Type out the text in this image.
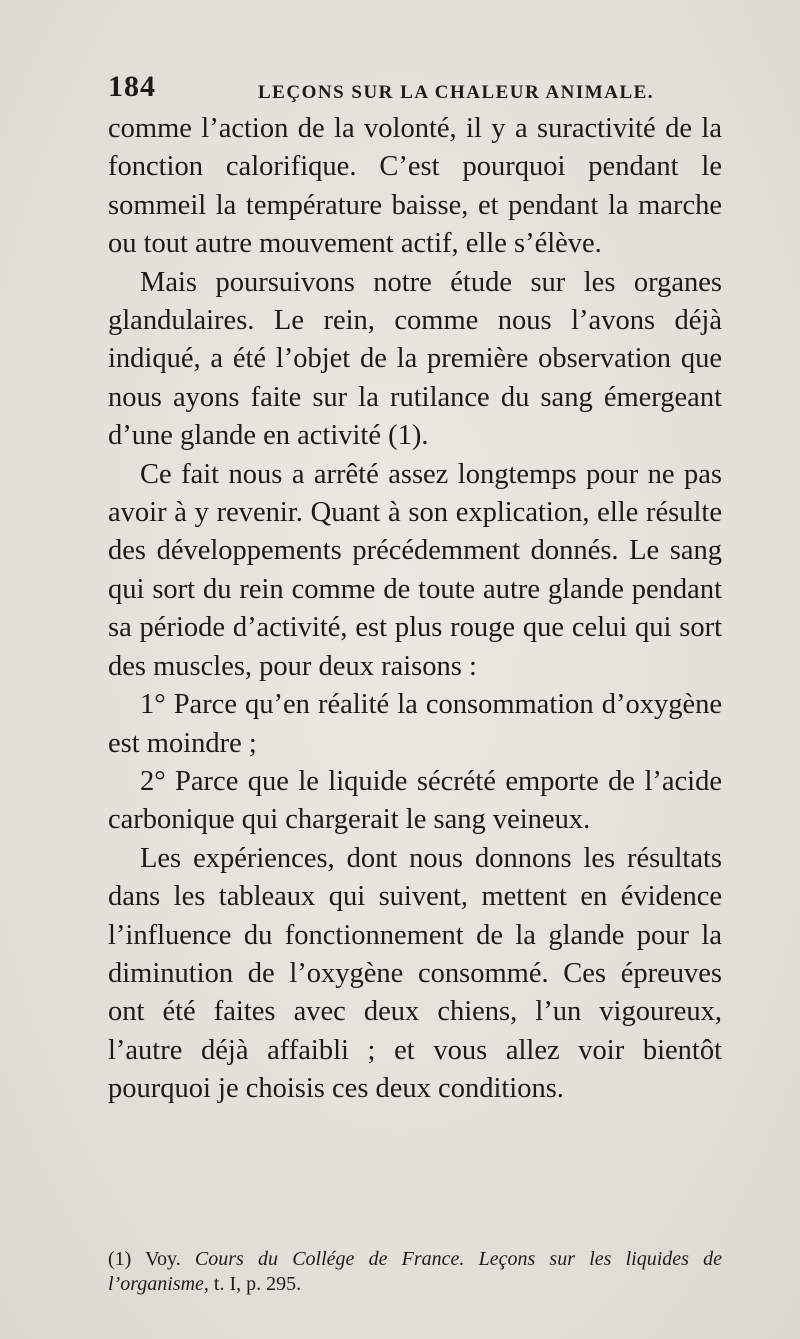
184	LEÇONS SUR LA CHALEUR ANIMALE.

comme l’action de la volonté, il y a suractivité de la fonction calorifique. C’est pourquoi pendant le sommeil la température baisse, et pendant la marche ou tout autre mouvement actif, elle s’élève.

Mais poursuivons notre étude sur les organes glandulaires. Le rein, comme nous l’avons déjà indiqué, a été l’objet de la première observation que nous ayons faite sur la rutilance du sang émergeant d’une glande en activité (1).

Ce fait nous a arrêté assez longtemps pour ne pas avoir à y revenir. Quant à son explication, elle résulte des développements précédemment donnés. Le sang qui sort du rein comme de toute autre glande pendant sa période d’activité, est plus rouge que celui qui sort des muscles, pour deux raisons :

1° Parce qu’en réalité la consommation d’oxygène est moindre ;

2° Parce que le liquide sécrété emporte de l’acide carbonique qui chargerait le sang veineux.

Les expériences, dont nous donnons les résultats dans les tableaux qui suivent, mettent en évidence l’influence du fonctionnement de la glande pour la diminution de l’oxygène consommé. Ces épreuves ont été faites avec deux chiens, l’un vigoureux, l’autre déjà affaibli ; et vous allez voir bientôt pourquoi je choisis ces deux conditions.

(1) Voy. Cours du Collége de France. Leçons sur les liquides de l’organisme, t. I, p. 295.
